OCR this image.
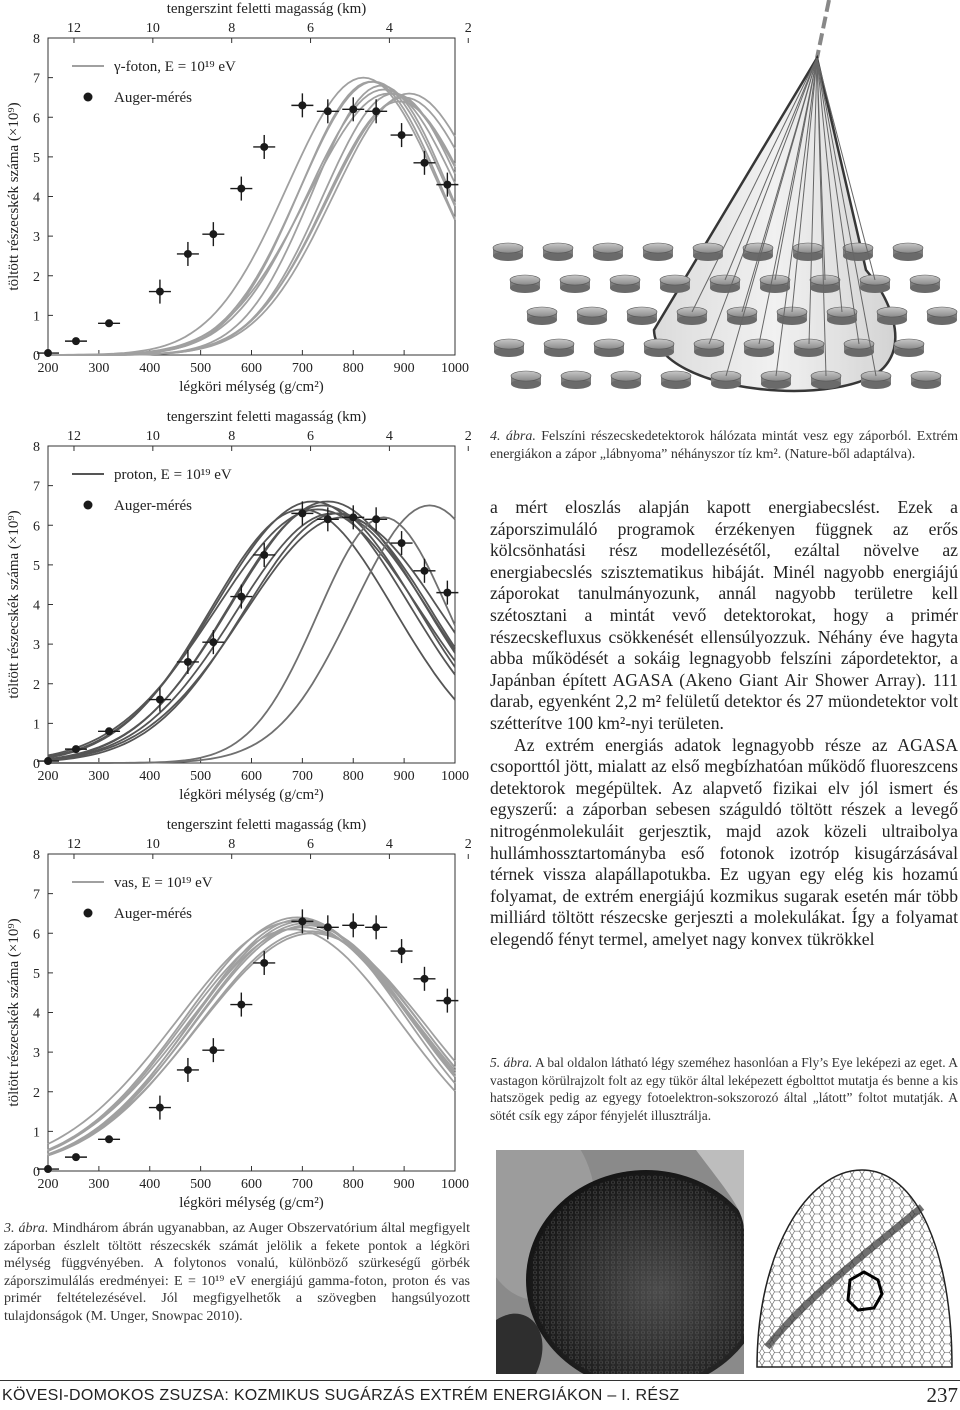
tengerszint feletti magasság (km)
12	10	8	6	4	2
200 300 400 500 600 700 800 900 1000
légköri mélység (g/cm²)
0
1
2
3
4
5
6
7
8
töltött részecskék száma (×10⁹)
γ-foton, E = 10¹⁹ eV
Auger-mérés
tengerszint feletti magasság (km)
12	10	8	6	4	2
200 300 400 500 600 700 800 900 1000
légköri mélység (g/cm²)
0
1
2
3
4
5
6
7
8
töltött részecskék száma (×10⁹)
proton, E = 10¹⁹ eV
Auger-mérés
tengerszint feletti magasság (km)
12	10	8	6	4	2
200 300 400 500 600 700 800 900 1000
légköri mélység (g/cm²)
0
1
2
3
4
5
6
7
8
töltött részecskék száma (×10⁹)
vas, E = 10¹⁹ eV
Auger-mérés
3. ábra. Mindhárom ábrán ugyanabban, az Auger Obszervatórium által megfigyelt záporban észlelt töltött részecskék számát jelölik a fekete pontok a légköri mélység függvényében. A folytonos vonalú, különböző szürkeségű görbék záporszimulálás eredményei: E = 10¹⁹ eV energiájú gamma-foton, proton és vas primér feltételezésével. Jól megfigyelhetők a szövegben hangsúlyozott tulajdonságok (M. Unger, Snowpac 2010).
4. ábra. Felszíni részecskedetektorok hálózata mintát vesz egy záporból. Extrém energiákon a zápor „lábnyoma” néhányszor tíz km². (Nature-ből adaptálva).

a mért eloszlás alapján kapott energiabecslést. Ezek a záporszimuláló programok érzékenyen függnek az erős kölcsönhatási rész modellezésétől, ezáltal növelve az energiabecslés szisztematikus hibáját. Minél nagyobb energiájú záporokat tanulmányozunk, annál nagyobb területre kell szétosztani a mintát vevő detektorokat, hogy a primér részecskefluxus csökkenését ellensúlyozzuk. Néhány éve hagyta abba működését a sokáig legnagyobb felszíni zápordetektor, a Japánban épített AGASA (Akeno Giant Air Shower Array). 111 darab, egyenként 2,2 m² felületű detektor és 27 müondetektor volt szétterítve 100 km²-nyi területen.

Az extrém energiás adatok legnagyobb része az AGASA csoporttól jött, mialatt az első megbízhatóan működő fluoreszcens detektorok megépültek. Az alapvető fizikai elv jól ismert és egyszerű: a záporban sebesen száguldó töltött részek a levegő nitrogénmolekuláit gerjesztik, majd azok közeli ultraibolya hullámhossztartományba eső fotonok izotróp kisugárzásával térnek vissza alapállapotukba. Ez ugyan egy elég kis hozamú folyamat, de extrém energiájú kozmikus sugarak esetén már több milliárd töltött részecske gerjeszti a molekulákat. Így a folyamat elegendő fényt termel, amelyet nagy konvex tükrökkel

5. ábra. A bal oldalon látható légy szeméhez hasonlóan a Fly’s Eye leképezi az eget. A vastagon körülrajzolt folt az egy tükör által leképezett égbolttot mutatja és benne a kis hatszögek pedig az egyegy fotoelektron-sokszorozó által „látott” foltot mutatják. A sötét csík egy zápor fényjelét illusztrálja.
KÖVESI-DOMOKOS ZSUZSA: KOZMIKUS SUGÁRZÁS EXTRÉM ENERGIÁKON – I. RÉSZ	237
